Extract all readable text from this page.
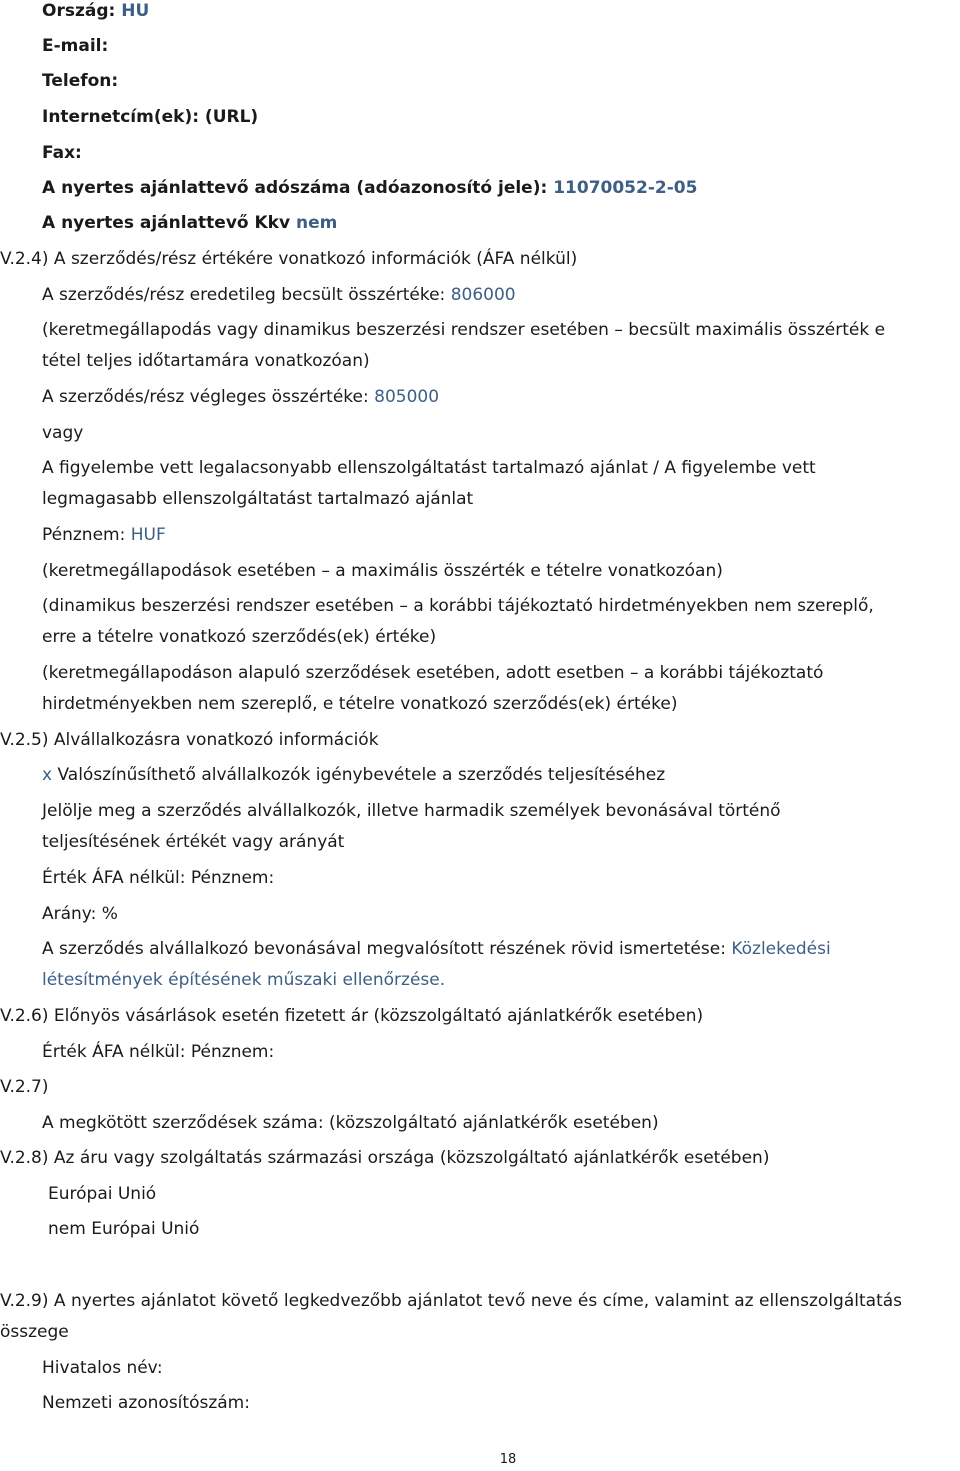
Ország: HU
E-mail:
Telefon:
Internetcím(ek): (URL)
Fax:
A nyertes ajánlattevő adószáma (adóazonosító jele): 11070052-2-05
A nyertes ajánlattevő Kkv nem
V.2.4) A szerződés/rész értékére vonatkozó információk (ÁFA nélkül)
A szerződés/rész eredetileg becsült összértéke: 806000
(keretmegállapodás vagy dinamikus beszerzési rendszer esetében – becsült maximális összérték e
tétel teljes időtartamára vonatkozóan)
A szerződés/rész végleges összértéke: 805000
vagy
A figyelembe vett legalacsonyabb ellenszolgáltatást tartalmazó ajánlat / A figyelembe vett
legmagasabb ellenszolgáltatást tartalmazó ajánlat
Pénznem: HUF
(keretmegállapodások esetében – a maximális összérték e tételre vonatkozóan)
(dinamikus beszerzési rendszer esetében – a korábbi tájékoztató hirdetményekben nem szereplő,
erre a tételre vonatkozó szerződés(ek) értéke)
(keretmegállapodáson alapuló szerződések esetében, adott esetben – a korábbi tájékoztató
hirdetményekben nem szereplő, e tételre vonatkozó szerződés(ek) értéke)
V.2.5) Alvállalkozásra vonatkozó információk
x Valószínűsíthető alvállalkozók igénybevétele a szerződés teljesítéséhez
Jelölje meg a szerződés alvállalkozók, illetve harmadik személyek bevonásával történő
teljesítésének értékét vagy arányát
Érték ÁFA nélkül: Pénznem:
Arány: %
A szerződés alvállalkozó bevonásával megvalósított részének rövid ismertetése: Közlekedési
létesítmények építésének műszaki ellenőrzése.
V.2.6) Előnyös vásárlások esetén fizetett ár (közszolgáltató ajánlatkérők esetében)
Érték ÁFA nélkül: Pénznem:
V.2.7)
A megkötött szerződések száma: (közszolgáltató ajánlatkérők esetében)
V.2.8) Az áru vagy szolgáltatás származási országa (közszolgáltató ajánlatkérők esetében)
Európai Unió
nem Európai Unió
V.2.9) A nyertes ajánlatot követő legkedvezőbb ajánlatot tevő neve és címe, valamint az ellenszolgáltatás
összege
Hivatalos név:
Nemzeti azonosítószám:
18
